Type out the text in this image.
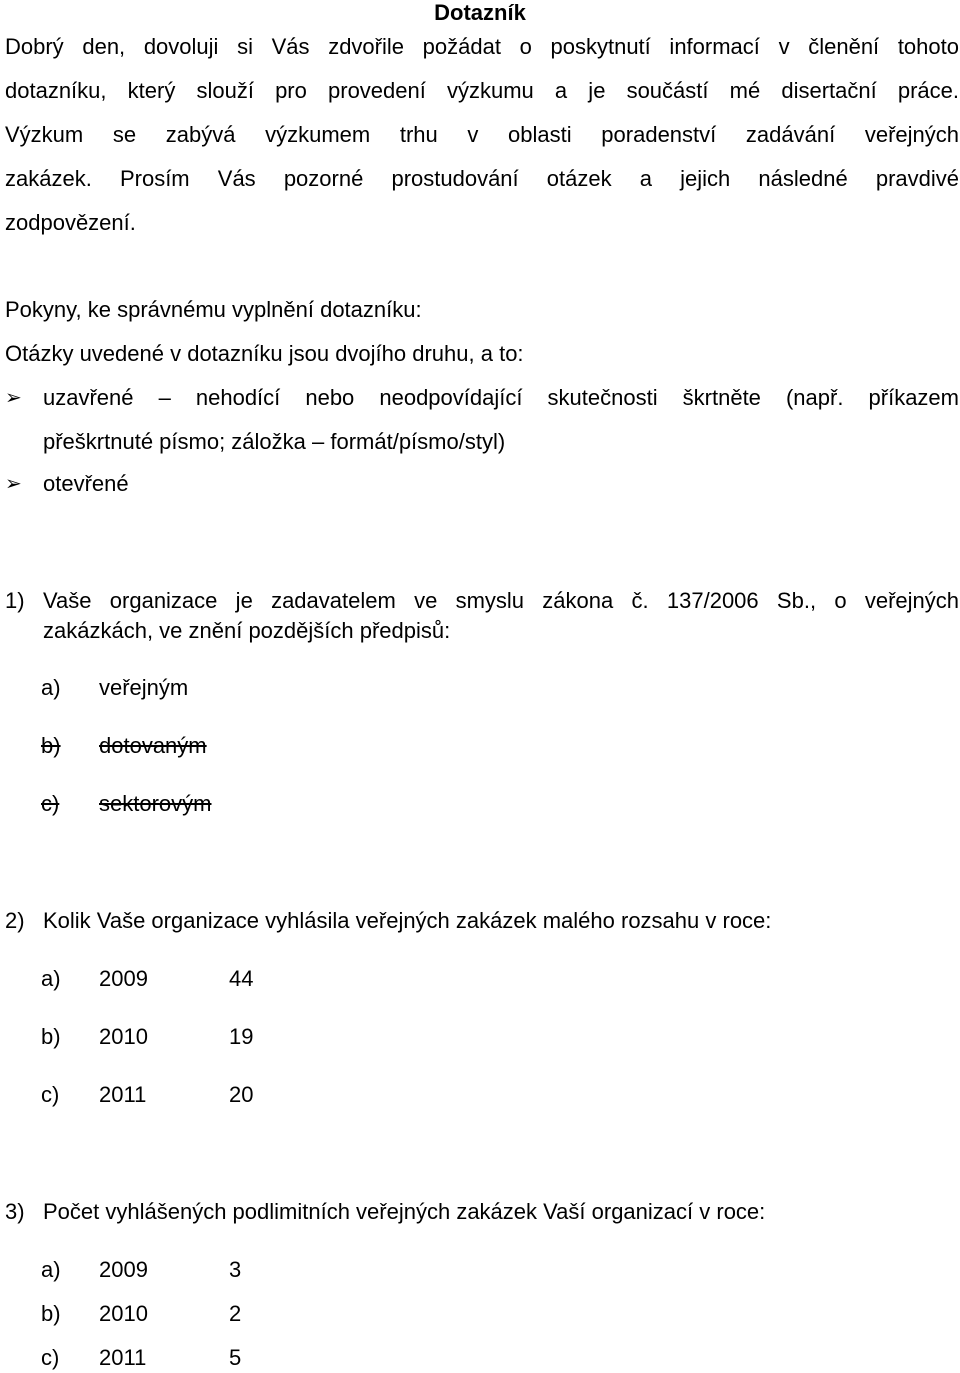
Dotazník
Dobrý den, dovoluji si Vás zdvořile požádat o poskytnutí informací v členění tohoto
dotazníku, který slouží pro provedení výzkumu a je součástí mé disertační práce.
Výzkum se zabývá výzkumem trhu v oblasti poradenství zadávání veřejných
zakázek. Prosím Vás pozorné prostudování otázek a jejich následné pravdivé
zodpovězení.
Pokyny, ke správnému vyplnění dotazníku:
Otázky uvedené v dotazníku jsou dvojího druhu, a to:
➢ uzavřené – nehodící nebo neodpovídající skutečnosti škrtněte (např. příkazem
přeškrtnuté písmo; záložka – formát/písmo/styl)
➢ otevřené
1) Vaše organizace je zadavatelem ve smyslu zákona č. 137/2006 Sb., o veřejných
zakázkách, ve znění pozdějších předpisů:
a) veřejným
b) dotovaným
c) sektorovým
2) Kolik Vaše organizace vyhlásila veřejných zakázek malého rozsahu v roce:
a) 2009	44
b) 2010	19
c) 2011	20
3) Počet vyhlášených podlimitních veřejných zakázek Vaší organizací v roce:
a) 2009	3
b) 2010	2
c) 2011	5
